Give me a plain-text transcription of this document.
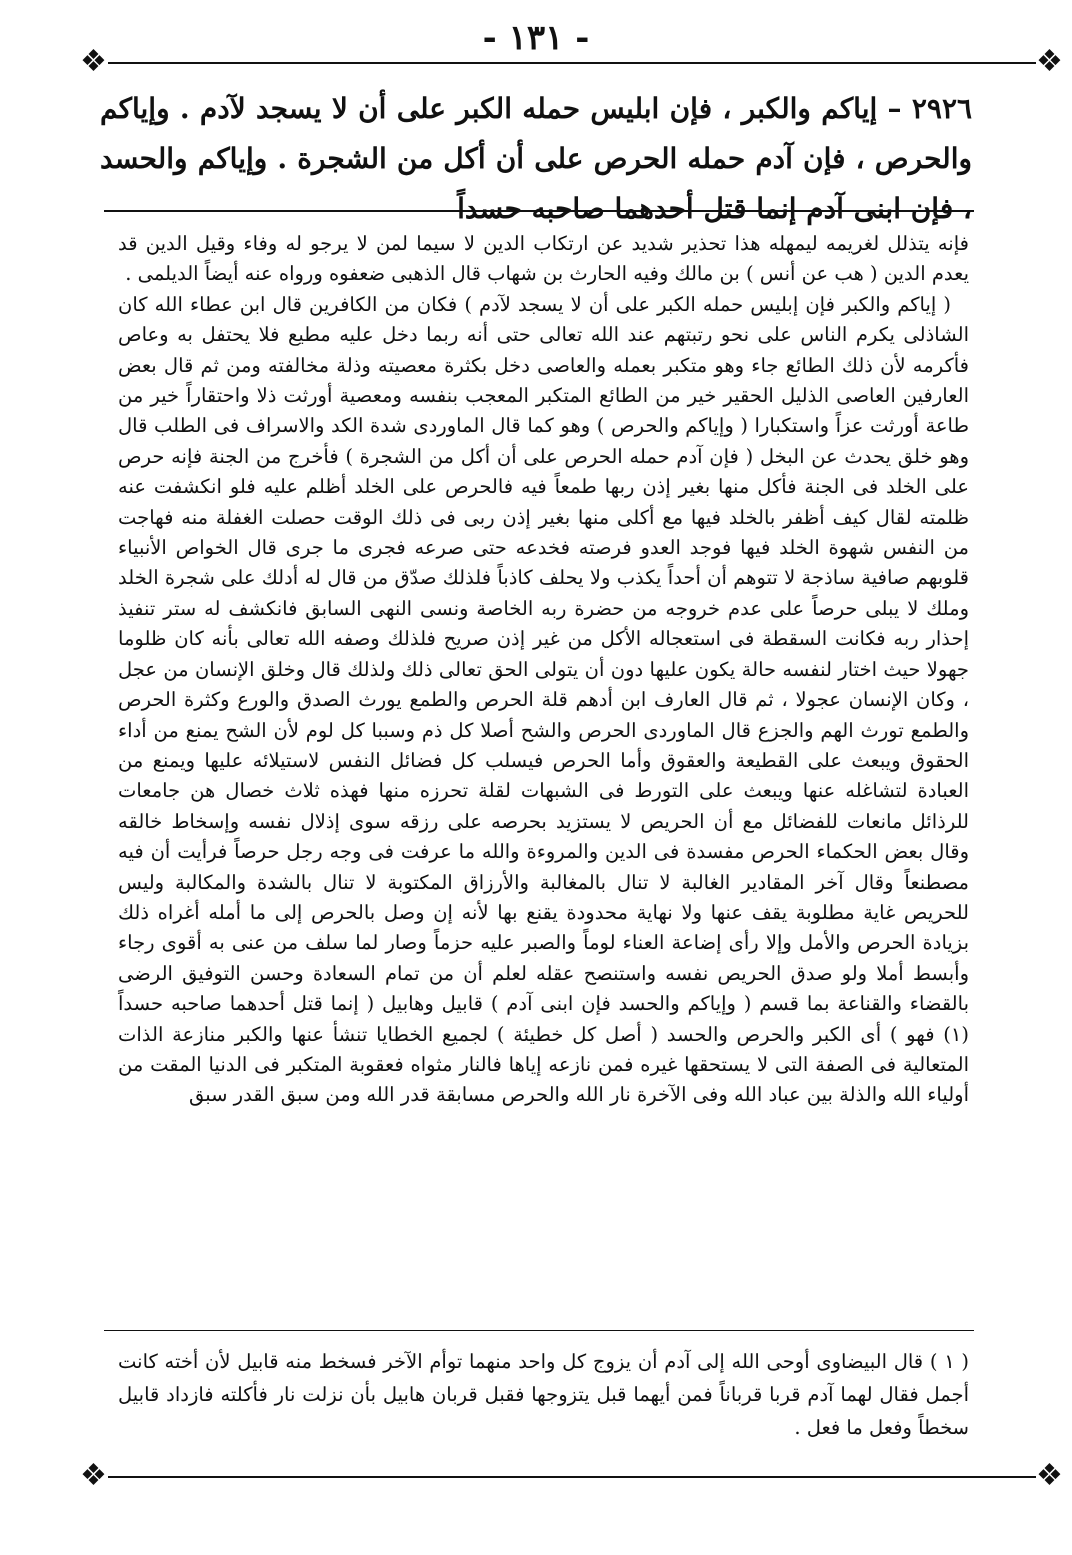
- ١٣١ -
❖	❖
٢٩٢٦ – إياكم والكبر ، فإن ابليس حمله الكبر على أن لا يسجد لآدم . وإياكم والحرص ، فإن آدم حمله الحرص على أن أكل من الشجرة . وإياكم والحسد ، فإن ابنى آدم إنما قتل أحدهما صاحبه حسداً

فإنه يتذلل لغريمه ليمهله هذا تحذير شديد عن ارتكاب الدين لا سيما لمن لا يرجو له وفاء وقيل الدين قد يعدم الدين ( هب عن أنس ) بن مالك وفيه الحارث بن شهاب قال الذهبى ضعفوه ورواه عنه أيضاً الديلمى .

( إياكم والكبر فإن إبليس حمله الكبر على أن لا يسجد لآدم ) فكان من الكافرين قال ابن عطاء الله كان الشاذلى يكرم الناس على نحو رتبتهم عند الله تعالى حتى أنه ربما دخل عليه مطيع فلا يحتفل به وعاص فأكرمه لأن ذلك الطائع جاء وهو متكبر بعمله والعاصى دخل بكثرة معصيته وذلة مخالفته ومن ثم قال بعض العارفين العاصى الذليل الحقير خير من الطائع المتكبر المعجب بنفسه ومعصية أورثت ذلا واحتقاراً خير من طاعة أورثت عزاً واستكبارا ( وإياكم والحرص ) وهو كما قال الماوردى شدة الكد والاسراف فى الطلب قال وهو خلق يحدث عن البخل ( فإن آدم حمله الحرص على أن أكل من الشجرة ) فأخرج من الجنة فإنه حرص على الخلد فى الجنة فأكل منها بغير إذن ربها طمعاً فيه فالحرص على الخلد أظلم عليه فلو انكشفت عنه ظلمته لقال كيف أظفر بالخلد فيها مع أكلى منها بغير إذن ربى فى ذلك الوقت حصلت الغفلة منه فهاجت من النفس شهوة الخلد فيها فوجد العدو فرصته فخدعه حتى صرعه فجرى ما جرى قال الخواص الأنبياء قلوبهم صافية ساذجة لا تتوهم أن أحداً يكذب ولا يحلف كاذباً فلذلك صدّق من قال له أدلك على شجرة الخلد وملك لا يبلى حرصاً على عدم خروجه من حضرة ربه الخاصة ونسى النهى السابق فانكشف له ستر تنفيذ إحذار ربه فكانت السقطة فى استعجاله الأكل من غير إذن صريح فلذلك وصفه الله تعالى بأنه كان ظلوما جهولا حيث اختار لنفسه حالة يكون عليها دون أن يتولى الحق تعالى ذلك ولذلك قال وخلق الإنسان من عجل ، وكان الإنسان عجولا ، ثم قال العارف ابن أدهم قلة الحرص والطمع يورث الصدق والورع وكثرة الحرص والطمع تورث الهم والجزع قال الماوردى الحرص والشح أصلا كل ذم وسببا كل لوم لأن الشح يمنع من أداء الحقوق ويبعث على القطيعة والعقوق وأما الحرص فيسلب كل فضائل النفس لاستيلائه عليها ويمنع من العبادة لتشاغله عنها ويبعث على التورط فى الشبهات لقلة تحرزه منها فهذه ثلاث خصال هن جامعات للرذائل مانعات للفضائل مع أن الحريص لا يستزيد بحرصه على رزقه سوى إذلال نفسه وإسخاط خالقه وقال بعض الحكماء الحرص مفسدة فى الدين والمروءة والله ما عرفت فى وجه رجل حرصاً فرأيت أن فيه مصطنعاً وقال آخر المقادير الغالبة لا تنال بالمغالبة والأرزاق المكتوبة لا تنال بالشدة والمكالبة وليس للحريص غاية مطلوبة يقف عنها ولا نهاية محدودة يقنع بها لأنه إن وصل بالحرص إلى ما أمله أغراه ذلك بزيادة الحرص والأمل وإلا رأى إضاعة العناء لوماً والصبر عليه حزماً وصار لما سلف من عنى به أقوى رجاء وأبسط أملا ولو صدق الحريص نفسه واستنصح عقله لعلم أن من تمام السعادة وحسن التوفيق الرضى بالقضاء والقناعة بما قسم ( وإياكم والحسد فإن ابنى آدم ) قابيل وهابيل ( إنما قتل أحدهما صاحبه حسداً (١) فهو ) أى الكبر والحرص والحسد ( أصل كل خطيئة ) لجميع الخطايا تنشأ عنها والكبر منازعة الذات المتعالية فى الصفة التى لا يستحقها غيره فمن نازعه إياها فالنار مثواه فعقوبة المتكبر فى الدنيا المقت من أولياء الله والذلة بين عباد الله وفى الآخرة نار الله والحرص مسابقة قدر الله ومن سبق القدر سبق

( ١ ) قال البيضاوى أوحى الله إلى آدم أن يزوج كل واحد منهما توأم الآخر فسخط منه قابيل لأن أخته كانت أجمل فقال لهما آدم قربا قرباناً فمن أيهما قبل يتزوجها فقبل قربان هابيل بأن نزلت نار فأكلته فازداد قابيل سخطاً وفعل ما فعل .

❖	❖
